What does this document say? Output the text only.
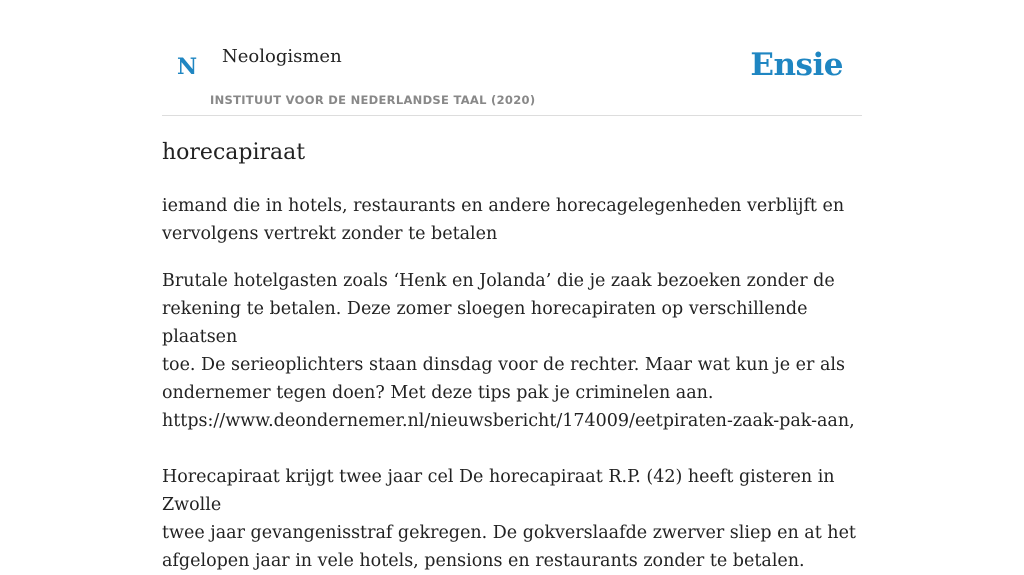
N Neologismen
INSTITUUT VOOR DE NEDERLANDSE TAAL (2020)
Ensie
horecapiraat
iemand die in hotels, restaurants en andere horecagelegenheden verblijft en
vervolgens vertrekt zonder te betalen

Brutale hotelgasten zoals ‘Henk en Jolanda’ die je zaak bezoeken zonder de

rekening te betalen. Deze zomer sloegen horecapiraten op verschillende plaatsen

toe. De serieoplichters staan dinsdag voor de rechter. Maar wat kun je er als

ondernemer tegen doen? Met deze tips pak je criminelen aan.

https://www.deondernemer.nl/nieuwsbericht/174009/eetpiraten-zaak-pak-aan,

Horecapiraat krijgt twee jaar cel De horecapiraat R.P. (42) heeft gisteren in Zwolle

twee jaar gevangenisstraf gekregen. De gokverslaafde zwerver sliep en at het

afgelopen jaar in vele hotels, pensions en restaurants zonder te betalen.
